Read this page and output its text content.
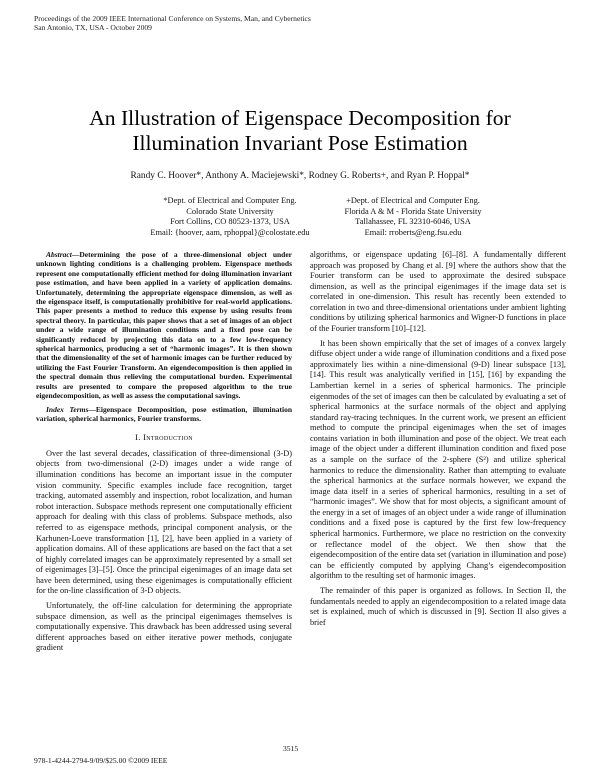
Proceedings of the 2009 IEEE International Conference on Systems, Man, and Cybernetics
San Antonio, TX, USA - October 2009
An Illustration of Eigenspace Decomposition for
Illumination Invariant Pose Estimation
Randy C. Hoover*, Anthony A. Maciejewski*, Rodney G. Roberts+, and Ryan P. Hoppal*
*Dept. of Electrical and Computer Eng.
Colorado State University
Fort Collins, CO 80523-1373, USA
Email: {hoover, aam, rphoppal}@colostate.edu
+Dept. of Electrical and Computer Eng.
Florida A & M - Florida State University
Tallahassee, FL 32310-6046, USA
Email: rroberts@eng.fsu.edu

Abstract—Determining the pose of a three-dimensional object under unknown lighting conditions is a challenging problem. Eigenspace methods represent one computationally efficient method for doing illumination invariant pose estimation, and have been applied in a variety of application domains. Unfortunately, determining the appropriate eigenspace dimension, as well as the eigenspace itself, is computationally prohibitive for real-world applications. This paper presents a method to reduce this expense by using results from spectral theory. In particular, this paper shows that a set of images of an object under a wide range of illumination conditions and a fixed pose can be significantly reduced by projecting this data on to a few low-frequency spherical harmonics, producing a set of “harmonic images”. It is then shown that the dimensionality of the set of harmonic images can be further reduced by utilizing the Fast Fourier Transform. An eigendecomposition is then applied in the spectral domain thus relieving the computational burden. Experimental results are presented to compare the proposed algorithm to the true eigendecomposition, as well as assess the computational savings.

Index Terms—Eigenspace Decomposition, pose estimation, illumination variation, spherical harmonics, Fourier transforms.

I. Introduction

Over the last several decades, classification of three-dimensional (3-D) objects from two-dimensional (2-D) images under a wide range of illumination conditions has become an important issue in the computer vision community. Specific examples include face recognition, target tracking, automated assembly and inspection, robot localization, and human robot interaction. Subspace methods represent one computationally efficient approach for dealing with this class of problems. Subspace methods, also referred to as eigenspace methods, principal component analysis, or the Karhunen-Loeve transformation [1], [2], have been applied in a variety of application domains. All of these applications are based on the fact that a set of highly correlated images can be approximately represented by a small set of eigenimages [3]–[5]. Once the principal eigenimages of an image data set have been determined, using these eigenimages is computationally efficient for the on-line classification of 3-D objects.

Unfortunately, the off-line calculation for determining the appropriate subspace dimension, as well as the principal eigenimages themselves is computationally expensive. This drawback has been addressed using several different approaches based on either iterative power methods, conjugate gradient

algorithms, or eigenspace updating [6]–[8]. A fundamentally different approach was proposed by Chang et al. [9] where the authors show that the Fourier transform can be used to approximate the desired subspace dimension, as well as the principal eigenimages if the image data set is correlated in one-dimension. This result has recently been extended to correlation in two and three-dimensional orientations under ambient lighting conditions by utilizing spherical harmonics and Wigner-D functions in place of the Fourier transform [10]–[12].

It has been shown empirically that the set of images of a convex largely diffuse object under a wide range of illumination conditions and a fixed pose approximately lies within a nine-dimensional (9-D) linear subspace [13], [14]. This result was analytically verified in [15], [16] by expanding the Lambertian kernel in a series of spherical harmonics. The principle eigenmodes of the set of images can then be calculated by evaluating a set of spherical harmonics at the surface normals of the object and applying standard ray-tracing techniques. In the current work, we present an efficient method to compute the principal eigenimages when the set of images contains variation in both illumination and pose of the object. We treat each image of the object under a different illumination condition and fixed pose as a sample on the surface of the 2-sphere (S²) and utilize spherical harmonics to reduce the dimensionality. Rather than attempting to evaluate the spherical harmonics at the surface normals however, we expand the image data itself in a series of spherical harmonics, resulting in a set of “harmonic images”. We show that for most objects, a significant amount of the energy in a set of images of an object under a wide range of illumination conditions and a fixed pose is captured by the first few low-frequency spherical harmonics. Furthermore, we place no restriction on the convexity or reflectance model of the object. We then show that the eigendecomposition of the entire data set (variation in illumination and pose) can be efficiently computed by applying Chang’s eigendecomposition algorithm to the resulting set of harmonic images.

The remainder of this paper is organized as follows. In Section II, the fundamentals needed to apply an eigendecomposition to a related image data set is explained, much of which is discussed in [9]. Section II also gives a brief

3515
978-1-4244-2794-9/09/$25.00 ©2009 IEEE
